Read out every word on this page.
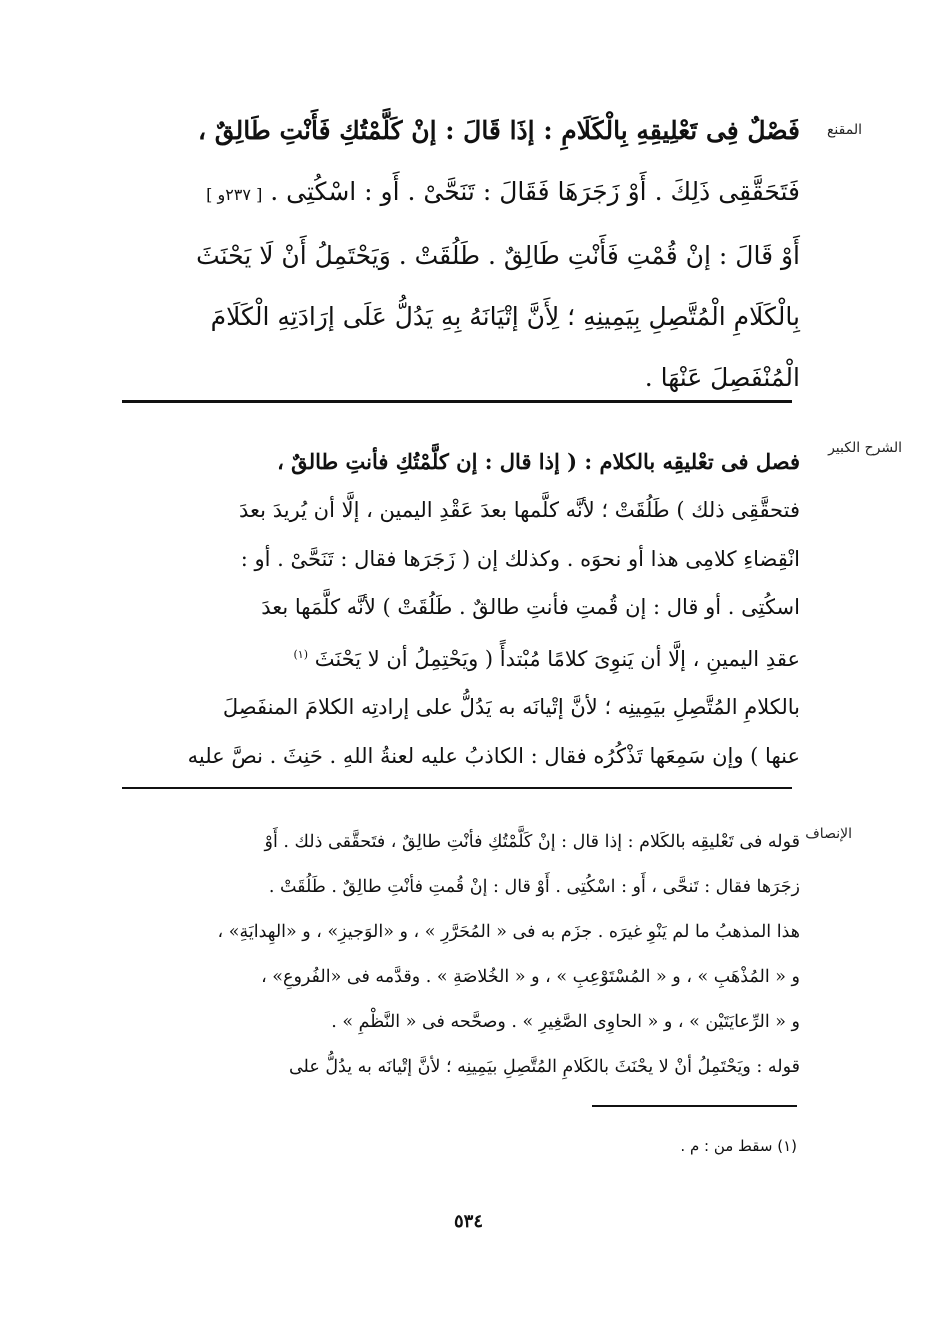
المقنع
فَصْلٌ فِى تَعْلِيقِهِ بِالْكَلَامِ : إذَا قَالَ : إنْ كَلَّمْتُكِ فَأَنْتِ طَالِقٌ ،
فَتَحَقَّقِى ذَلِكَ . أَوْ زَجَرَهَا فَقَالَ : تَنَحَّىْ . أَو : اسْكُتِى . [ ٢٣٧و ]
أَوْ قَالَ : إنْ قُمْتِ فَأَنْتِ طَالِقٌ . طَلُقَتْ . وَيَحْتَمِلُ أَنْ لَا يَحْنَثَ
بِالْكَلَامِ الْمُتَّصِلِ بِيَمِينِهِ ؛ لِأَنَّ إتْيَانَهُ بِهِ يَدُلُّ عَلَى إرَادَتِهِ الْكَلَامَ
الْمُنْفَصِلَ عَنْهَا .
الشرح الكبير
فصل فى تعْليقِه بالكلام : ( إذا قال : إن كلَّمْتُكِ فأنتِ طالقٌ ،
فتحقَّقِى ذلك ) طَلُقَتْ ؛ لأنَّه كلَّمها بعدَ عَقْدِ اليمين ، إلَّا أن يُريدَ بعدَ
انْقِضاءِ كلامِى هذا أو نحوَه . وكذلك إن ( زَجَرَها فقال : تَنَحَّىْ . أو :
اسكُتِى . أو قال : إن قُمتِ فأنتِ طالقٌ . طَلُقَتْ ) لأنَّه كلَّمَها بعدَ
عقدِ اليمينِ ، إلَّا أن يَنوِىَ كلامًا مُبْتدأً ( ويَحْتِمِلُ أن لا يَحْنَثَ $^{(١)}$
بالكلامِ المُتَّصِلِ بيَمِينِه ؛ لأنَّ إتْيانَه به يَدُلُّ على إرادتِه الكلامَ المنفَصِلَ
عنها ) وإن سَمِعَها تَذْكُرُه فقال : الكاذبُ عليه لعنةُ اللهِ . حَنِثَ . نصَّ عليه
الإنصاف
قوله فى تَعْليقِه بالكَلام : إذا قال : إنْ كَلَّمْتُكِ فأنْتِ طالِقٌ ، فتَحقَّقى ذلك . أَوْ
زجَرَها فقال : تَنحَّى ، أَو : اسْكُتِى . أَوْ قال : إنْ قُمتِ فأنْتِ طالِقٌ . طَلُقَتْ .
هذا المذهبُ ما لم يَنْوِ غيرَه . جزَم به فى « المُحَرَّرِ » ، و «الوَجيزِ» ، و «الهِدايَةِ» ،
و « المُذْهَبِ » ، و « المُسْتَوْعِبِ » ، و « الخُلاصَةِ » . وقدَّمه فى «الفُروعِ» ،
و « الرِّعايَتَيْن » ، و « الحاوِى الصَّغِيرِ » . وصحَّحه فى « النَّظْمِ » .
قوله : ويَحْتَمِلُ أنْ لا يحْنَثَ بالكَلامِ المُتَّصِلِ بيَمِينِه ؛ لأنَّ إتْيانَه به يدُلُّ على
(١) سقط من : م .
٥٣٤
